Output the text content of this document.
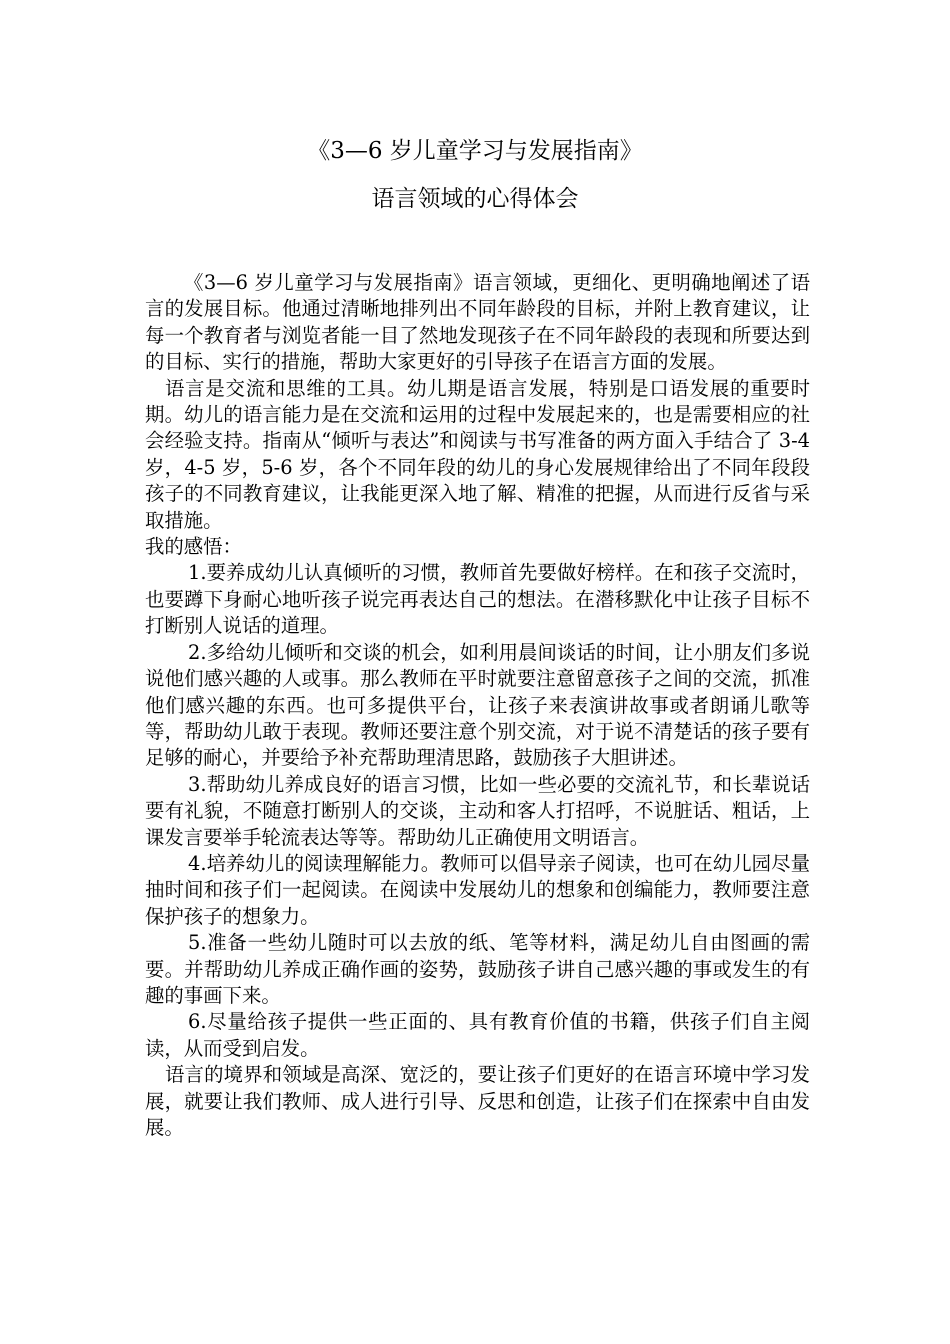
《3—6 岁儿童学习与发展指南》
语言领域的心得体会

《3—6 岁儿童学习与发展指南》语言领域，更细化、更明确地阐述了语言的发展目标。他通过清晰地排列出不同年龄段的目标，并附上教育建议，让每一个教育者与浏览者能一目了然地发现孩子在不同年龄段的表现和所要达到的目标、实行的措施，帮助大家更好的引导孩子在语言方面的发展。

语言是交流和思维的工具。幼儿期是语言发展，特别是口语发展的重要时期。幼儿的语言能力是在交流和运用的过程中发展起来的，也是需要相应的社会经验支持。指南从“倾听与表达”和阅读与书写准备的两方面入手结合了 3-4 岁，4-5 岁，5-6 岁，各个不同年段的幼儿的身心发展规律给出了不同年段段孩子的不同教育建议，让我能更深入地了解、精准的把握，从而进行反省与采取措施。

我的感悟：

1.要养成幼儿认真倾听的习惯，教师首先要做好榜样。在和孩子交流时，也要蹲下身耐心地听孩子说完再表达自己的想法。在潜移默化中让孩子目标不打断别人说话的道理。

2.多给幼儿倾听和交谈的机会，如利用晨间谈话的时间，让小朋友们多说说他们感兴趣的人或事。那么教师在平时就要注意留意孩子之间的交流，抓准他们感兴趣的东西。也可多提供平台，让孩子来表演讲故事或者朗诵儿歌等等，帮助幼儿敢于表现。教师还要注意个别交流，对于说不清楚话的孩子要有足够的耐心，并要给予补充帮助理清思路，鼓励孩子大胆讲述。

3.帮助幼儿养成良好的语言习惯，比如一些必要的交流礼节，和长辈说话要有礼貌，不随意打断别人的交谈，主动和客人打招呼，不说脏话、粗话，上课发言要举手轮流表达等等。帮助幼儿正确使用文明语言。

4.培养幼儿的阅读理解能力。教师可以倡导亲子阅读，也可在幼儿园尽量抽时间和孩子们一起阅读。在阅读中发展幼儿的想象和创编能力，教师要注意保护孩子的想象力。

5.准备一些幼儿随时可以去放的纸、笔等材料，满足幼儿自由图画的需要。并帮助幼儿养成正确作画的姿势，鼓励孩子讲自己感兴趣的事或发生的有趣的事画下来。

6.尽量给孩子提供一些正面的、具有教育价值的书籍，供孩子们自主阅读，从而受到启发。

语言的境界和领域是高深、宽泛的，要让孩子们更好的在语言环境中学习发展，就要让我们教师、成人进行引导、反思和创造，让孩子们在探索中自由发展。
